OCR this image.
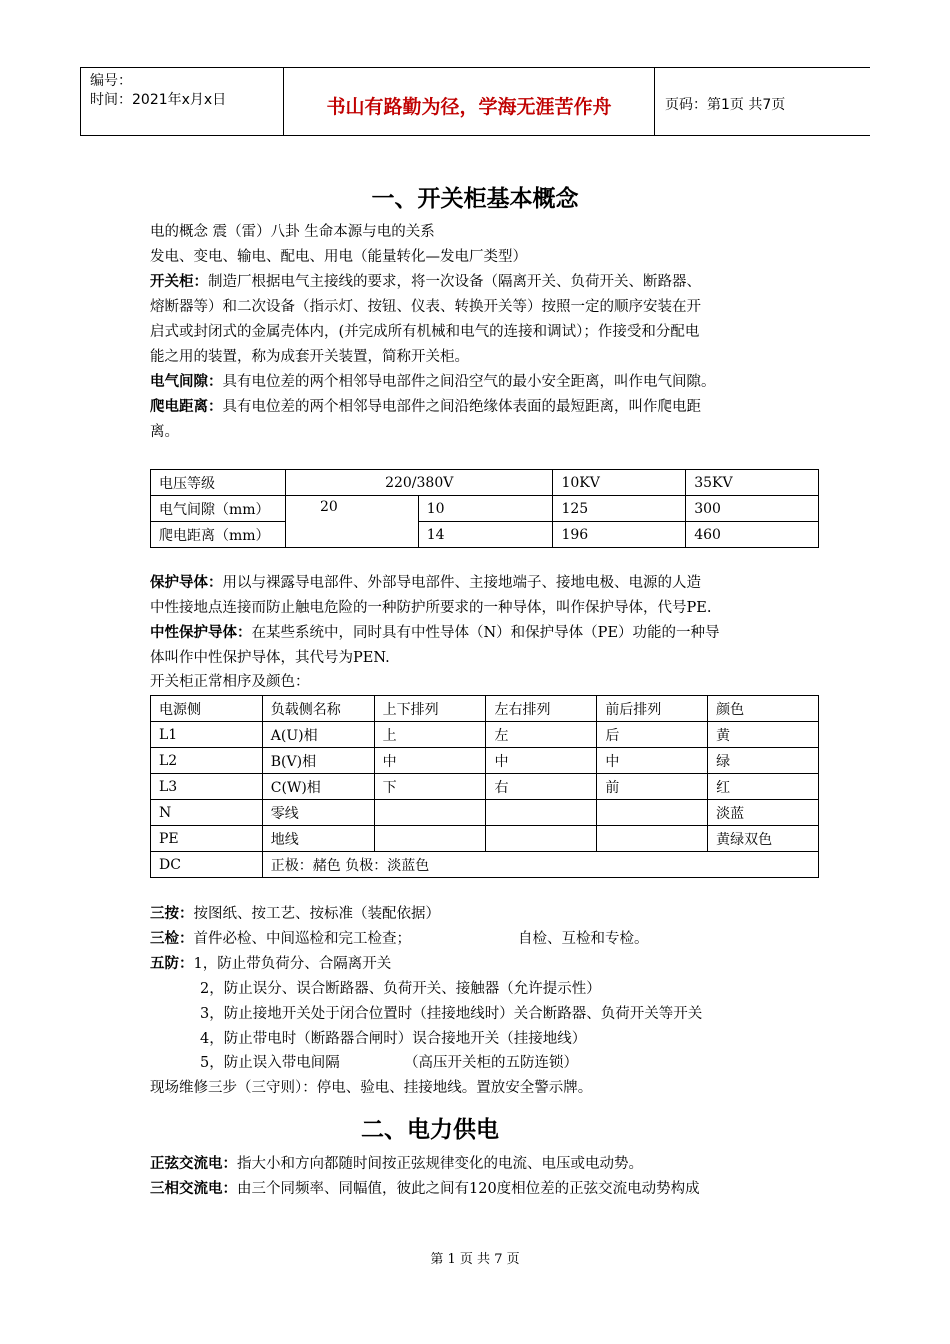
编号：
时间：2021年x月x日	书山有路勤为径，学海无涯苦作舟	页码：第1页 共7页
一、开关柜基本概念
电的概念 震（雷）八卦 生命本源与电的关系
发电、变电、输电、配电、用电（能量转化—发电厂类型）
开关柜：制造厂根据电气主接线的要求，将一次设备（隔离开关、负荷开关、断路器、
熔断器等）和二次设备（指示灯、按钮、仪表、转换开关等）按照一定的顺序安装在开
启式或封闭式的金属壳体内，(并完成所有机械和电气的连接和调试）；作接受和分配电
能之用的装置，称为成套开关装置，简称开关柜。
电气间隙：具有电位差的两个相邻导电部件之间沿空气的最小安全距离，叫作电气间隙。
爬电距离：具有电位差的两个相邻导电部件之间沿绝缘体表面的最短距离，叫作爬电距
离。
电压等级	220/380V		10KV	35KV
电气间隙（mm）	20	10	125	300
爬电距离（mm）		14	196	460
保护导体：用以与裸露导电部件、外部导电部件、主接地端子、接地电极、电源的人造
中性接地点连接而防止触电危险的一种防护所要求的一种导体，叫作保护导体，代号PE.
中性保护导体：在某些系统中，同时具有中性导体（N）和保护导体（PE）功能的一种导
体叫作中性保护导体，其代号为PEN.
开关柜正常相序及颜色：
电源侧	负载侧名称	上下排列	左右排列	前后排列	颜色
L1	A(U)相	上	左	后	黄
L2	B(V)相	中	中	中	绿
L3	C(W)相	下	右	前	红
N	零线				淡蓝
PE	地线				黄绿双色
DC	正极：赭色 负极：淡蓝色				
三按：按图纸、按工艺、按标准（装配依据）
三检：首件必检、中间巡检和完工检查；	自检、互检和专检。
五防：1，防止带负荷分、合隔离开关
2，防止误分、误合断路器、负荷开关、接触器（允许提示性）
3，防止接地开关处于闭合位置时（挂接地线时）关合断路器、负荷开关等开关
4，防止带电时（断路器合闸时）误合接地开关（挂接地线）
5，防止误入带电间隔	（高压开关柜的五防连锁）
现场维修三步（三守则）：停电、验电、挂接地线。置放安全警示牌。
二、电力供电
正弦交流电：指大小和方向都随时间按正弦规律变化的电流、电压或电动势。
三相交流电：由三个同频率、同幅值，彼此之间有120度相位差的正弦交流电动势构成
第 1 页 共 7 页
